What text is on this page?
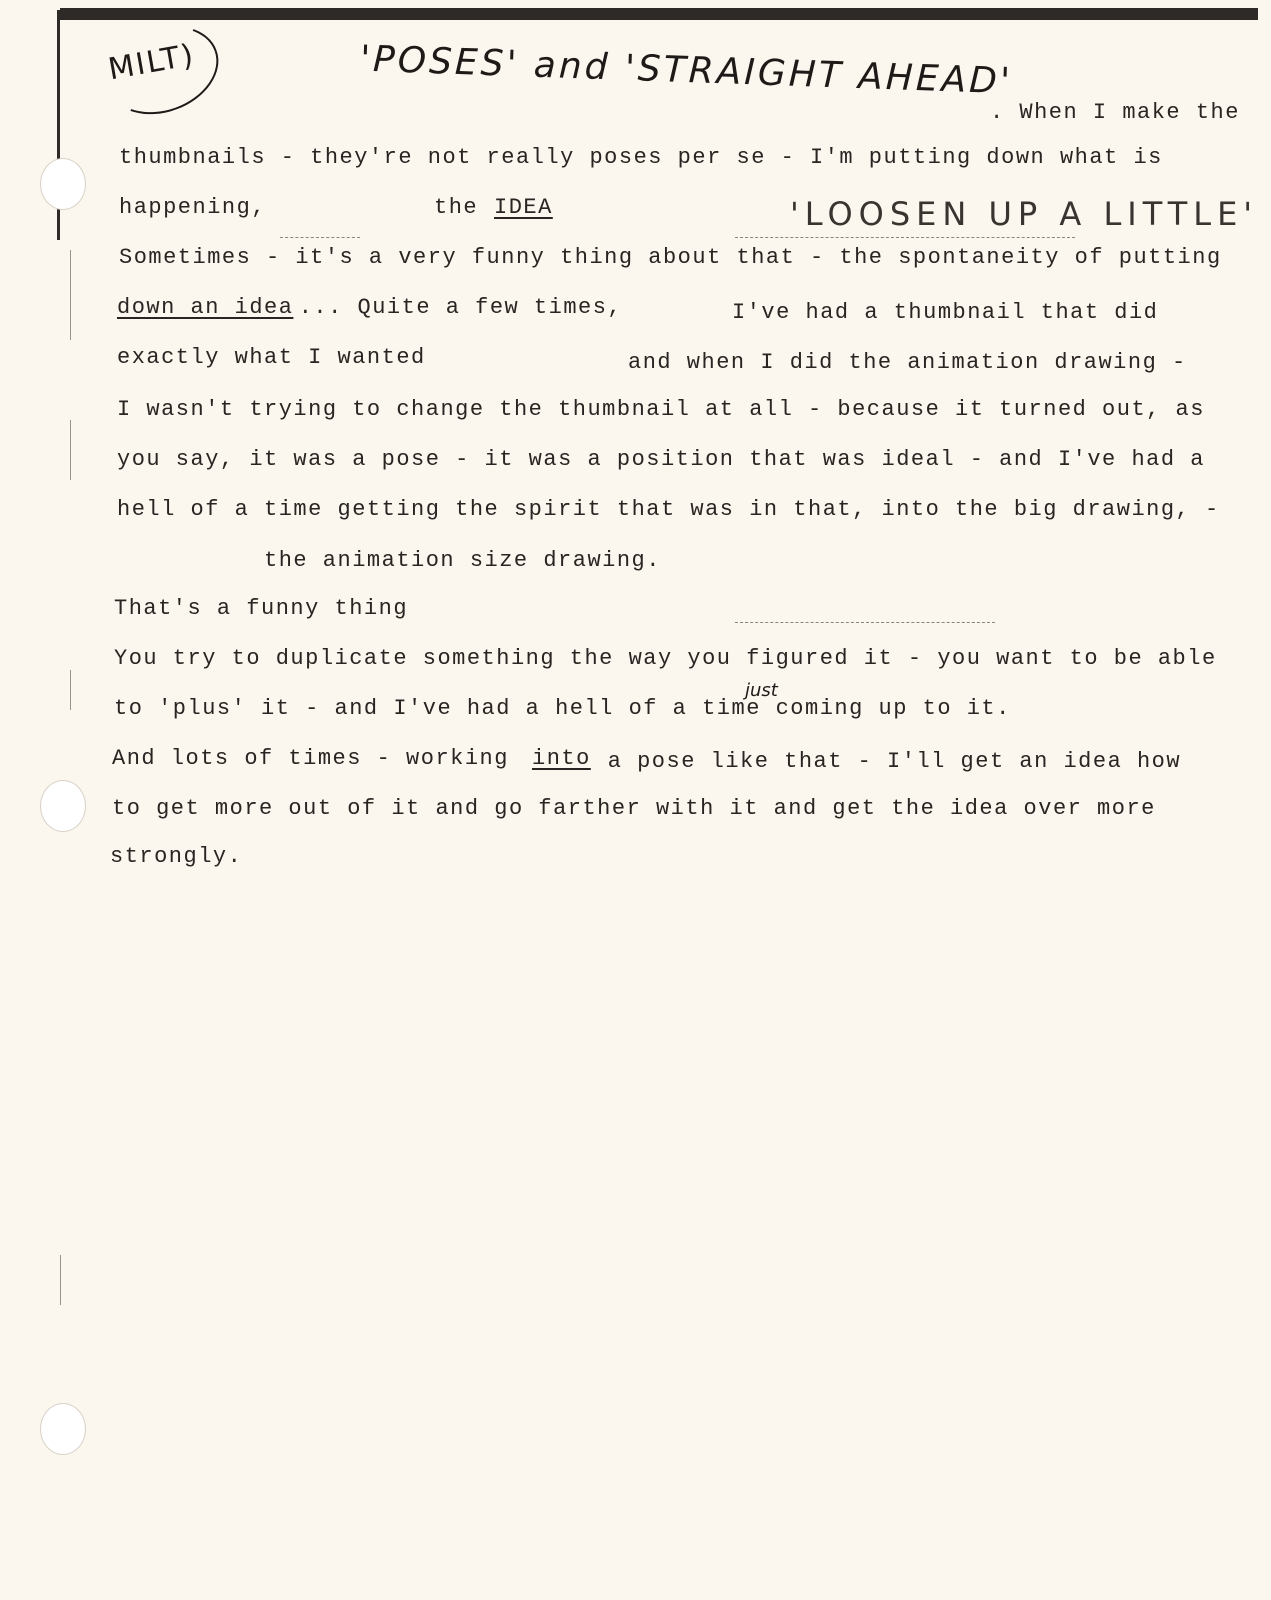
MILT)	'POSES' and 'STRAIGHT AHEAD'
'LOOSEN UP A LITTLE'
just
. When I make the
thumbnails - they're not really poses per se - I'm putting down what is
happening,	the IDEA
Sometimes - it's a very funny thing about that - the spontaneity of putting
down an idea
... Quite a few times,	I've had a thumbnail that did
exactly what I wanted	and when I did the animation drawing -
I wasn't trying to change the thumbnail at all - because it turned out, as
you say, it was a pose - it was a position that was ideal - and I've had a
hell of a time getting the spirit that was in that, into the big drawing, -
the animation size drawing.
That's a funny thing
You try to duplicate something the way you figured it - you want to be able
to 'plus' it - and I've had a hell of a time coming up to it.
And lots of times - working into a pose like that - I'll get an idea how
to get more out of it and go farther with it and get the idea over more
strongly.
